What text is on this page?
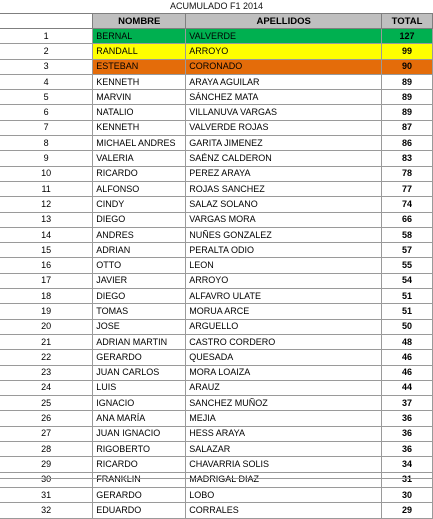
ACUMULADO F1 2014
	NOMBRE	APELLIDOS	TOTAL
1	BERNAL	VALVERDE	127
2	RANDALL	ARROYO	99
3	ESTEBAN	CORONADO	90
4	KENNETH	ARAYA AGUILAR	89
5	MARVIN	SÁNCHEZ MATA	89
6	NATALIO	VILLANUVA VARGAS	89
7	KENNETH	VALVERDE ROJAS	87
8	MICHAEL ANDRES	GARITA JIMENEZ	86
9	VALERIA	SAÉNZ CALDERON	83
10	RICARDO	PEREZ ARAYA	78
11	ALFONSO	ROJAS SANCHEZ	77
12	CINDY	SALAZ SOLANO	74
13	DIEGO	VARGAS MORA	66
14	ANDRES	NUÑES GONZALEZ	58
15	ADRIAN	PERALTA ODIO	57
16	OTTO	LEON	55
17	JAVIER	ARROYO	54
18	DIEGO	ALFAVRO ULATE	51
19	TOMAS	MORUA ARCE	51
20	JOSE	ARGUELLO	50
21	ADRIAN MARTIN	CASTRO CORDERO	48
22	GERARDO	QUESADA	46
23	JUAN CARLOS	MORA LOAIZA	46
24	LUIS	ARAUZ	44
25	IGNACIO	SANCHEZ MUÑOZ	37
26	ANA MARÍA	MEJIA	36
27	JUAN IGNACIO	HESS ARAYA	36
28	RIGOBERTO	SALAZAR	36
29	RICARDO	CHAVARRIA SOLIS	34
30	FRANKLIN	MADRIGAL DIAZ	31
31	GERARDO	LOBO	30
32	EDUARDO	CORRALES	29
